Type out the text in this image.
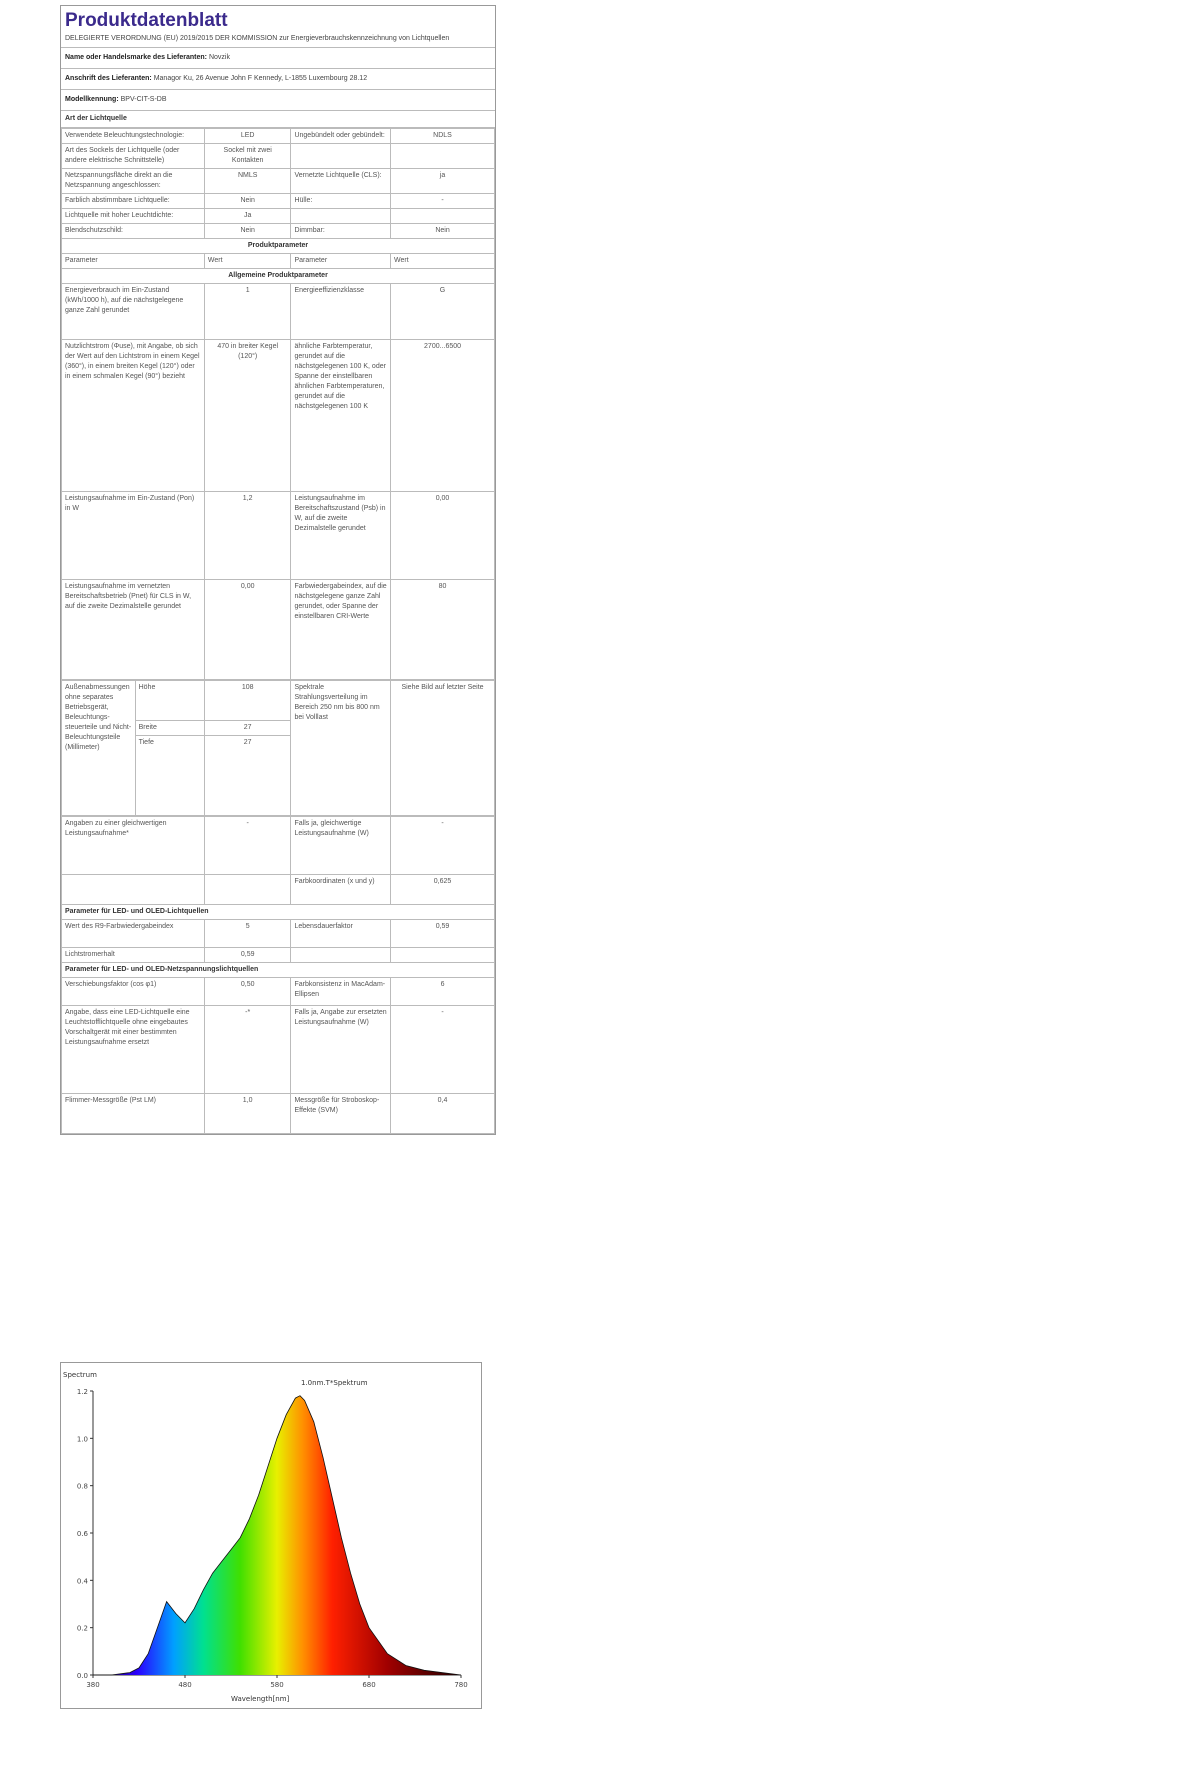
Produktdatenblatt
DELEGIERTE VERORDNUNG (EU) 2019/2015 DER KOMMISSION zur Energieverbrauchskennzeichnung von Lichtquellen
Name oder Handelsmarke des Lieferanten: Novzik
Anschrift des Lieferanten: Managor Ku, 26 Avenue John F Kennedy, L-1855 Luxembourg 28.12
Modellkennung: BPV-CIT-S-DB
Art der Lichtquelle
Verwendete Beleuchtungstechnologie:	LED	Ungebündelt oder gebündelt:	NDLS
Art des Sockels der Lichtquelle (oder andere elektrische Schnittstelle)	Sockel mit zwei Kontakten		
Netzspannungsfläche direkt an die Netzspannung angeschlossen:	NMLS	Vernetzte Lichtquelle (CLS):	ja
Farblich abstimmbare Lichtquelle:	Nein	Hülle:	-
Lichtquelle mit hoher Leuchtdichte:	Ja		
Blendschutzschild:	Nein	Dimmbar:	Nein
Produktparameter			
Parameter	Wert	Parameter	Wert
Allgemeine Produktparameter			
Energieverbrauch im Ein-Zustand (kWh/1000 h), auf die nächstgelegene ganze Zahl gerundet	1	Energieeffizienzklasse	G
Nutzlichtstrom (Φuse), mit Angabe, ob sich der Wert auf den Lichtstrom in einem Kegel (360°), in einem breiten Kegel (120°) oder in einem schmalen Kegel (90°) bezieht	470 in breiter Kegel (120°)	ähnliche Farbtemperatur, gerundet auf die nächstgelegenen 100 K, oder Spanne der einstellbaren ähnlichen Farbtemperaturen, gerundet auf die nächstgelegenen 100 K	2700...6500
Leistungsaufnahme im Ein-Zustand (Pon) in W	1,2	Leistungsaufnahme im Bereitschaftszustand (Psb) in W, auf die zweite Dezimalstelle gerundet	0,00
Leistungsaufnahme im vernetzten Bereitschaftsbetrieb (Pnet) für CLS in W, auf die zweite Dezimalstelle gerundet	0,00	Farbwiedergabeindex, auf die nächstgelegene ganze Zahl gerundet, oder Spanne der einstellbaren CRI-Werte	80
Außenabmessungen ohne separates Betriebsgerät, Beleuchtungs-steuerteile und Nicht-Beleuchtungsteile (Millimeter)	Höhe	108	Spektrale Strahlungsverteilung im Bereich 250 nm bis 800 nm bei Volllast	Siehe Bild auf letzter Seite
	Breite	27		
	Tiefe	27		
Angaben zu einer gleichwertigen Leistungsaufnahme*	-	Falls ja, gleichwertige Leistungsaufnahme (W)	-
		Farbkoordinaten (x und y)	0,625
Parameter für LED- und OLED-Lichtquellen			
Wert des R9-Farbwiedergabeindex	5	Lebensdauerfaktor	0,59
Lichtstromerhalt	0,59		
Parameter für LED- und OLED-Netzspannungslichtquellen			
Verschiebungsfaktor (cos φ1)	0,50	Farbkonsistenz in MacAdam-Ellipsen	6
Angabe, dass eine LED-Lichtquelle eine Leuchtstofflichtquelle ohne eingebautes Vorschaltgerät mit einer bestimmten Leistungsaufnahme ersetzt	-*	Falls ja, Angabe zur ersetzten Leistungsaufnahme (W)	-
Flimmer-Messgröße (Pst LM)	1,0	Messgröße für Stroboskop-Effekte (SVM)	0,4
1.0nm.T*Spektrum
Spectrum
Wavelength[nm]
0.0
0.2
0.4
0.6
0.8
1.0
1.2
380	480	580	680	780
